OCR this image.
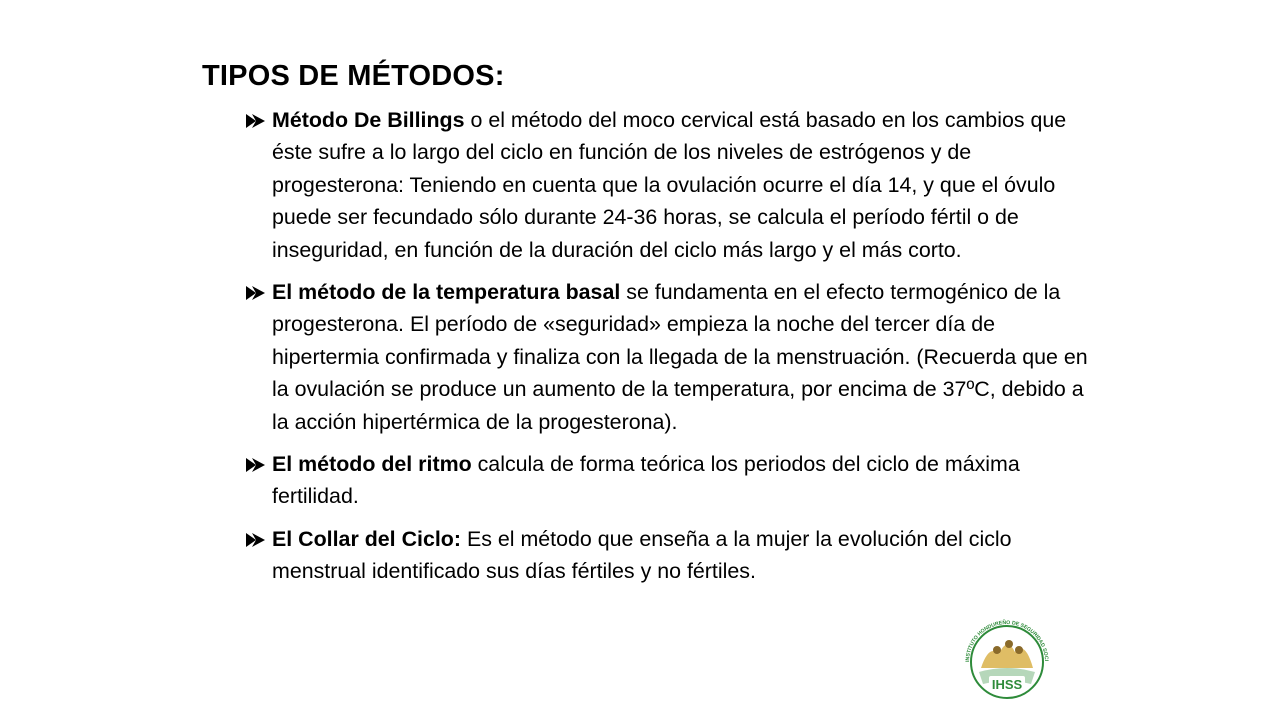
TIPOS DE MÉTODOS:
Método De Billings o el método del moco cervical está basado en los cambios que éste sufre a lo largo del ciclo en función de los niveles de estrógenos y de progesterona: Teniendo en cuenta que la ovulación ocurre el día 14, y que el óvulo puede ser fecundado sólo durante 24-36 horas, se calcula el período fértil o de inseguridad, en función de la duración del ciclo más largo y el más corto.
El método de la temperatura basal se fundamenta en el efecto termogénico de la progesterona. El período de «seguridad» empieza la noche del tercer día de hipertermia confirmada y finaliza con la llegada de la menstruación. (Recuerda que en la ovulación se produce un aumento de la temperatura, por encima de 37ºC, debido a la acción hipertérmica de la progesterona).
El método del ritmo calcula de forma teórica los periodos del ciclo de máxima fertilidad.
El Collar del Ciclo: Es el método que enseña a la mujer la evolución del ciclo menstrual identificado sus días fértiles y no fértiles.
INSTITUTO HONDUREÑO DE SEGURIDAD SOCI
IHSS
